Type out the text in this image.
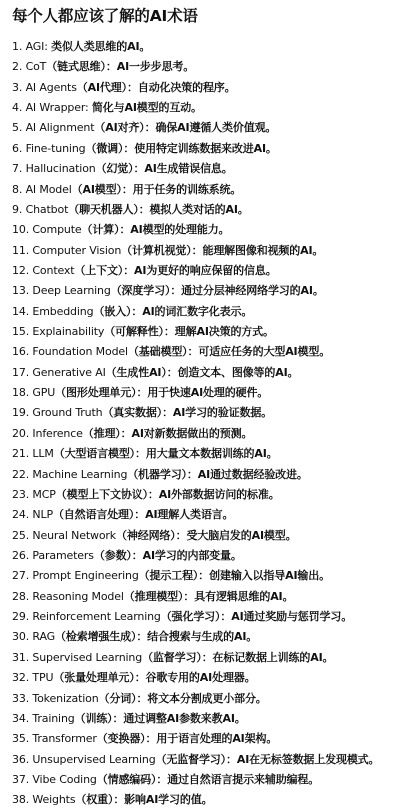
每个人都应该了解的AI术语
1. AGI: 类似人类思维的AI。
2. CoT（链式思维）：AI一步步思考。
3. AI Agents（AI代理）：自动化决策的程序。
4. AI Wrapper: 简化与AI模型的互动。
5. AI Alignment（AI对齐）：确保AI遵循人类价值观。
6. Fine-tuning（微调）：使用特定训练数据来改进AI。
7. Hallucination（幻觉）：AI生成错误信息。
8. AI Model（AI模型）：用于任务的训练系统。
9. Chatbot（聊天机器人）：模拟人类对话的AI。
10. Compute（计算）：AI模型的处理能力。
11. Computer Vision（计算机视觉）：能理解图像和视频的AI。
12. Context（上下文）：AI为更好的响应保留的信息。
13. Deep Learning（深度学习）：通过分层神经网络学习的AI。
14. Embedding（嵌入）：AI的词汇数字化表示。
15. Explainability（可解释性）：理解AI决策的方式。
16. Foundation Model（基础模型）：可适应任务的大型AI模型。
17. Generative AI（生成性AI）：创造文本、图像等的AI。
18. GPU（图形处理单元）：用于快速AI处理的硬件。
19. Ground Truth（真实数据）：AI学习的验证数据。
20. Inference（推理）：AI对新数据做出的预测。
21. LLM（大型语言模型）：用大量文本数据训练的AI。
22. Machine Learning（机器学习）：AI通过数据经验改进。
23. MCP（模型上下文协议）：AI外部数据访问的标准。
24. NLP（自然语言处理）：AI理解人类语言。
25. Neural Network（神经网络）：受大脑启发的AI模型。
26. Parameters（参数）：AI学习的内部变量。
27. Prompt Engineering（提示工程）：创建输入以指导AI输出。
28. Reasoning Model（推理模型）：具有逻辑思维的AI。
29. Reinforcement Learning（强化学习）：AI通过奖励与惩罚学习。
30. RAG（检索增强生成）：结合搜索与生成的AI。
31. Supervised Learning（监督学习）：在标记数据上训练的AI。
32. TPU（张量处理单元）：谷歌专用的AI处理器。
33. Tokenization（分词）：将文本分割成更小部分。
34. Training（训练）：通过调整AI参数来教AI。
35. Transformer（变换器）：用于语言处理的AI架构。
36. Unsupervised Learning（无监督学习）：AI在无标签数据上发现模式。
37. Vibe Coding（情感编码）：通过自然语言提示来辅助编程。
38. Weights（权重）：影响AI学习的值。
